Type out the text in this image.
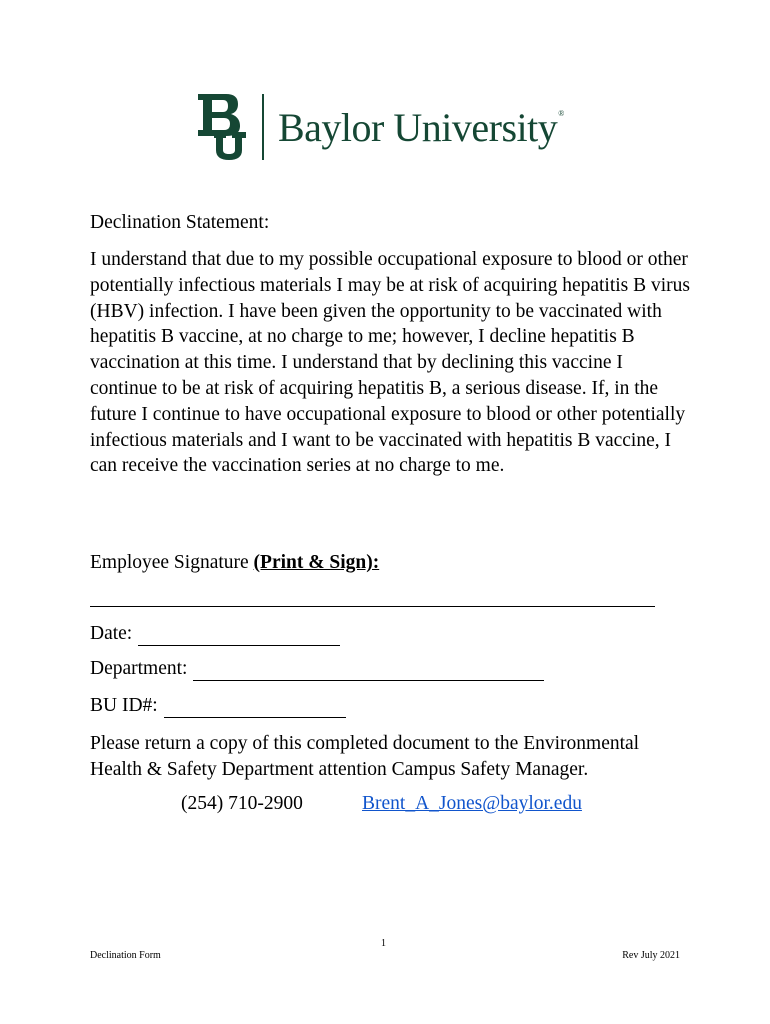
Baylor University®
Declination Statement:
I understand that due to my possible occupational exposure to blood or other potentially infectious materials I may be at risk of acquiring hepatitis B virus (HBV) infection. I have been given the opportunity to be vaccinated with hepatitis B vaccine, at no charge to me; however, I decline hepatitis B vaccination at this time. I understand that by declining this vaccine I continue to be at risk of acquiring hepatitis B, a serious disease. If, in the future I continue to have occupational exposure to blood or other potentially infectious materials and I want to be vaccinated with hepatitis B vaccine, I can receive the vaccination series at no charge to me.
Employee Signature (Print & Sign):
Date:
Department:
BU ID#:
Please return a copy of this completed document to the Environmental Health & Safety Department attention Campus Safety Manager.
(254) 710-2900	Brent_A_Jones@baylor.edu
1
Declination Form	Rev July 2021
